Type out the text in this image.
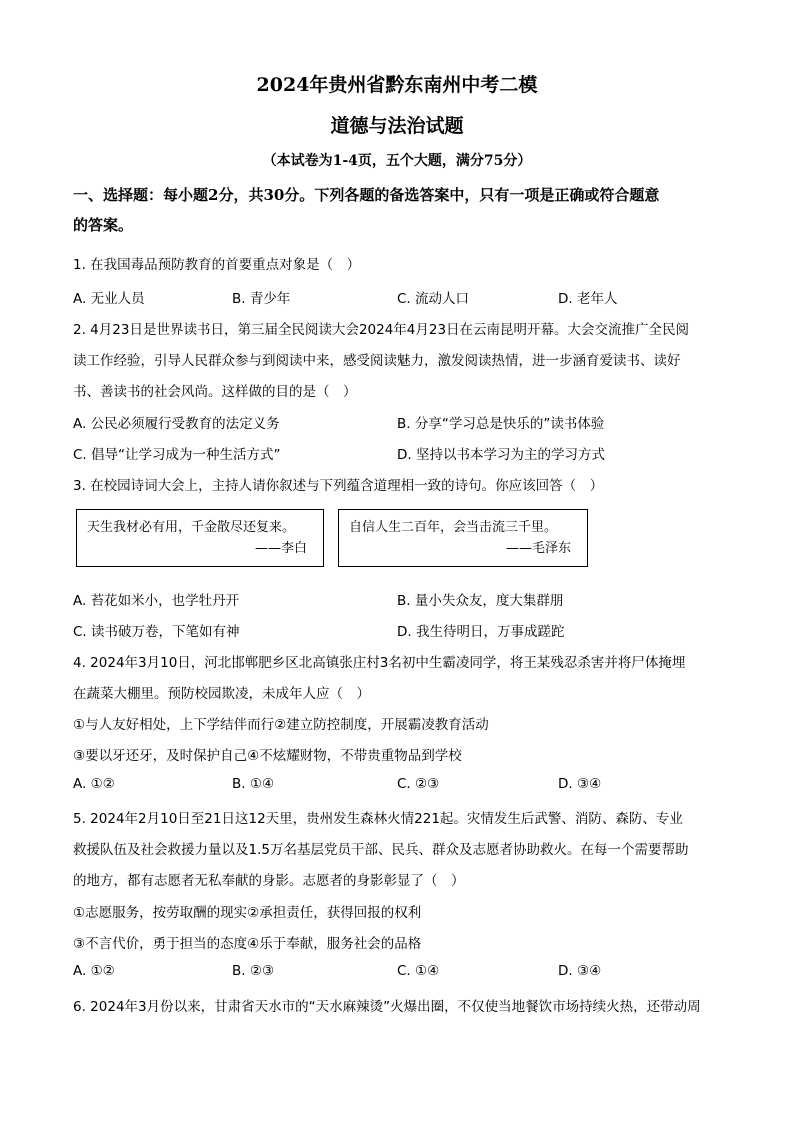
2024年贵州省黔东南州中考二模
道德与法治试题
（本试卷为1-4页，五个大题，满分75分）
一、选择题：每小题2分，共30分。下列各题的备选答案中，只有一项是正确或符合题意
的答案。
1. 在我国毒品预防教育的首要重点对象是（　）
A. 无业人员	B. 青少年	C. 流动人口	D. 老年人
2. 4月23日是世界读书日，第三届全民阅读大会2024年4月23日在云南昆明开幕。大会交流推广全民阅
读工作经验，引导人民群众参与到阅读中来，感受阅读魅力，激发阅读热情，进一步涵育爱读书、读好
书、善读书的社会风尚。这样做的目的是（　）
A. 公民必须履行受教育的法定义务	B. 分享“学习总是快乐的”读书体验
C. 倡导“让学习成为一种生活方式”	D. 坚持以书本学习为主的学习方式
3. 在校园诗词大会上，主持人请你叙述与下列蕴含道理相一致的诗句。你应该回答（　）
天生我材必有用，千金散尽还复来。
——李白
自信人生二百年，会当击流三千里。
——毛泽东
A. 苔花如米小，也学牡丹开	B. 量小失众友，度大集群朋
C. 读书破万卷，下笔如有神	D. 我生待明日，万事成蹉跎
4. 2024年3月10日，河北邯郸肥乡区北高镇张庄村3名初中生霸凌同学，将王某残忍杀害并将尸体掩埋
在蔬菜大棚里。预防校园欺凌，未成年人应（　）
①与人友好相处，上下学结伴而行②建立防控制度，开展霸凌教育活动
③要以牙还牙，及时保护自己④不炫耀财物，不带贵重物品到学校
A. ①②	B. ①④	C. ②③	D. ③④
5. 2024年2月10日至21日这12天里，贵州发生森林火情221起。灾情发生后武警、消防、森防、专业
救援队伍及社会救援力量以及1.5万名基层党员干部、民兵、群众及志愿者协助救火。在每一个需要帮助
的地方，都有志愿者无私奉献的身影。志愿者的身影彰显了（　）
①志愿服务，按劳取酬的现实②承担责任，获得回报的权利
③不言代价，勇于担当的态度④乐于奉献，服务社会的品格
A. ①②	B. ②③	C. ①④	D. ③④
6. 2024年3月份以来，甘肃省天水市的“天水麻辣烫”火爆出圈，不仅使当地餐饮市场持续火热，还带动周
